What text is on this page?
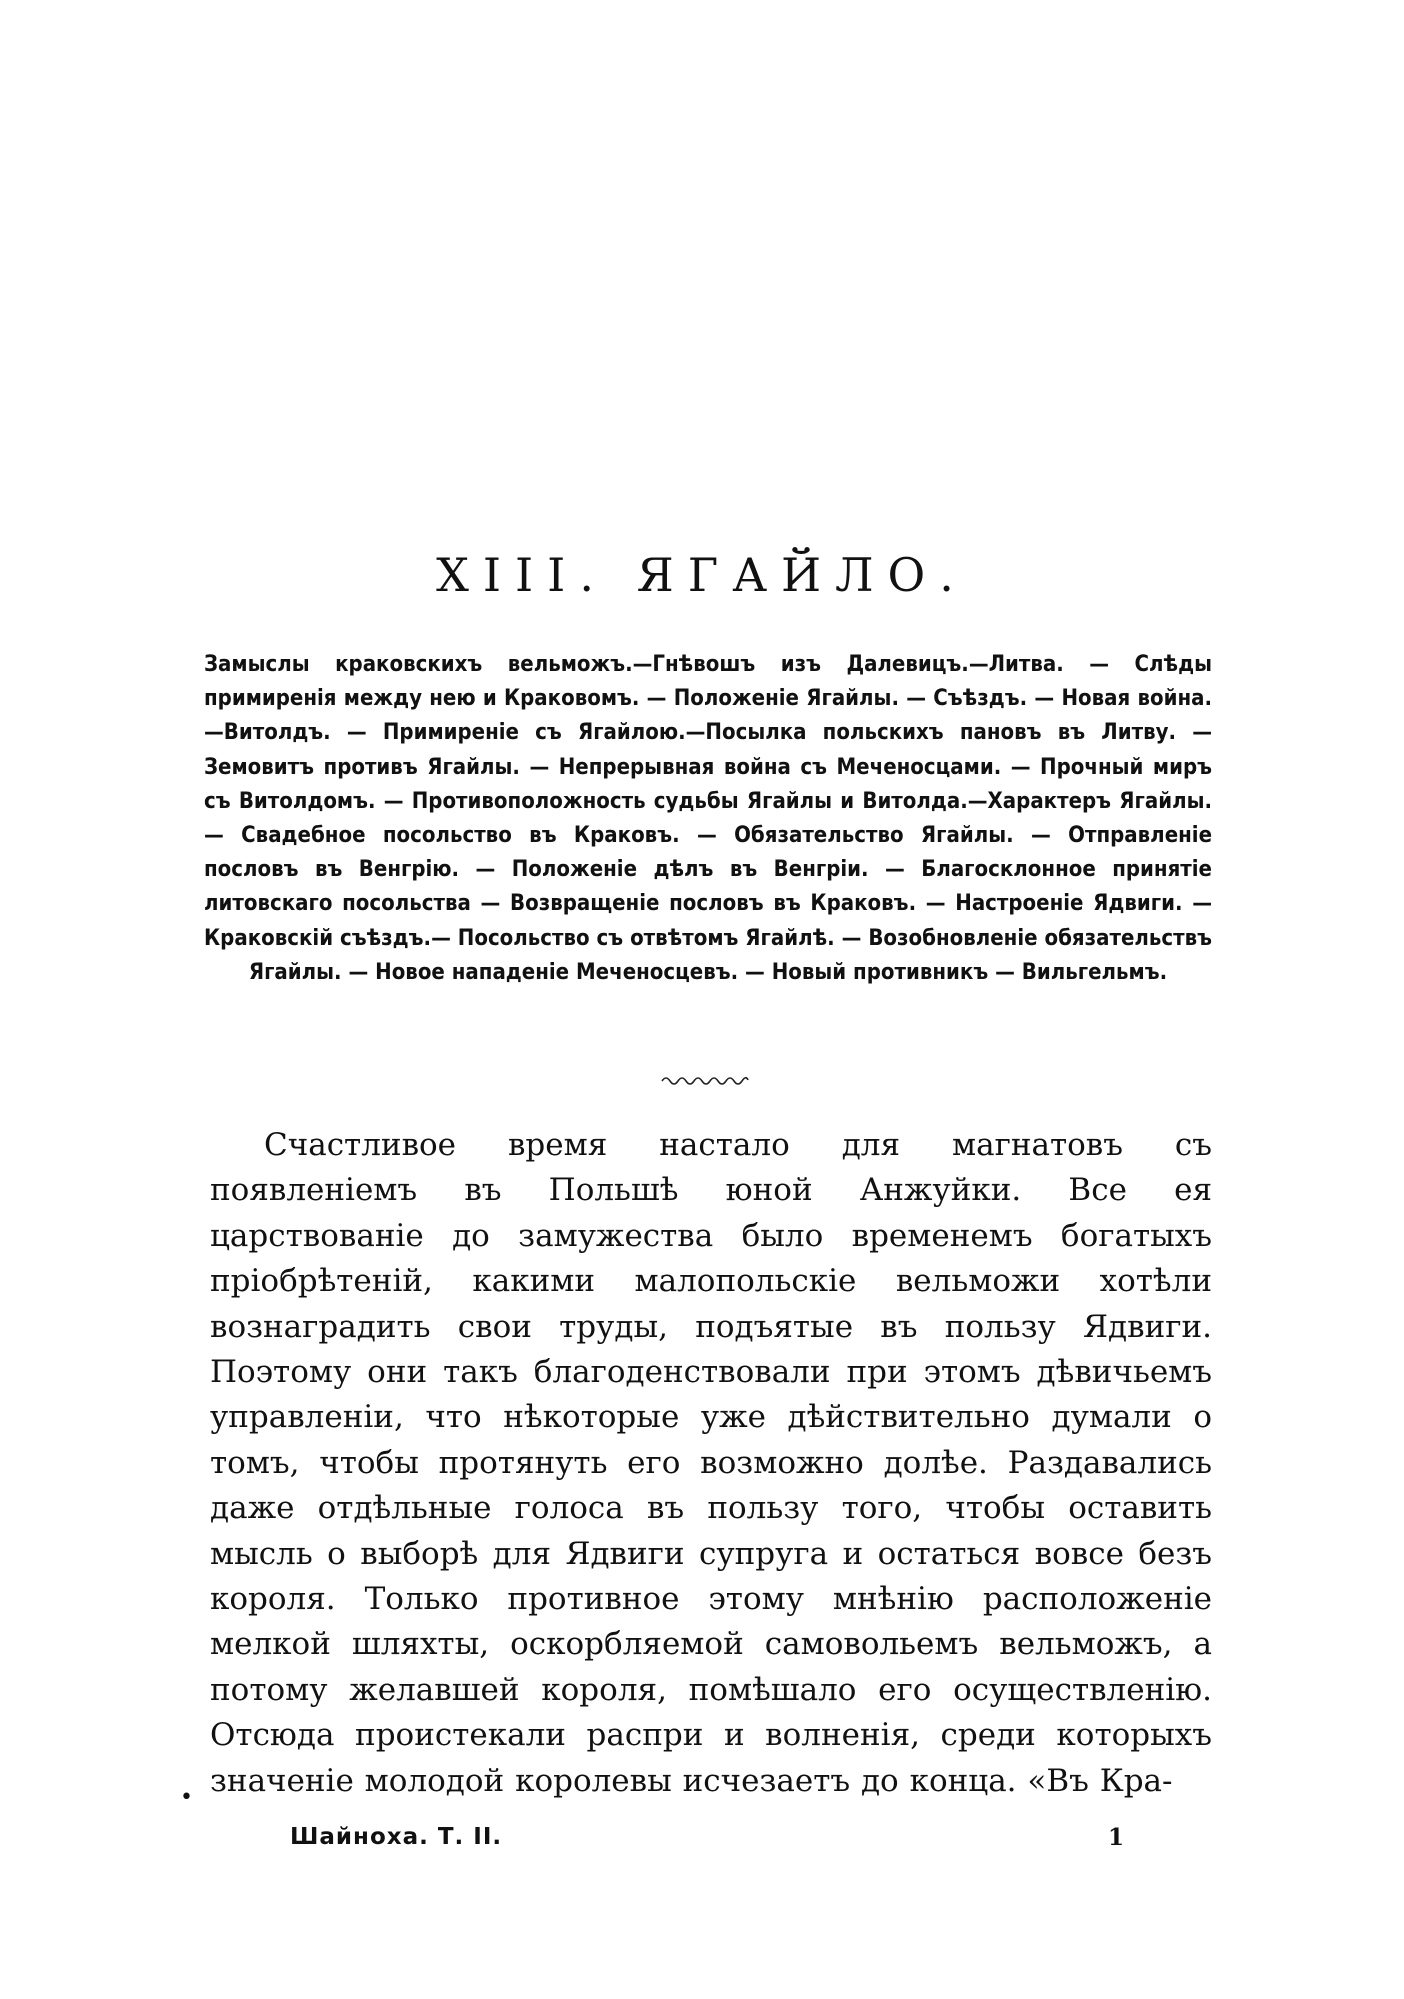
XIII. ЯГАЙЛО.
Замыслы краковскихъ вельможъ.—Гнѣвошъ изъ Далевицъ.—Литва. — Слѣды примиренія между нею и Краковомъ. — Положеніе Ягайлы. — Съѣздъ. — Новая война.—Витолдъ. — Примиреніе съ Ягайлою.—Посылка польскихъ пановъ въ Литву. — Земовитъ противъ Ягайлы. — Непрерывная война съ Меченосцами. — Прочный миръ съ Витолдомъ. — Противоположность судьбы Ягайлы и Витолда.—Характеръ Ягайлы. — Свадебное посольство въ Краковъ. — Обязательство Ягайлы. — Отправленіе пословъ въ Венгрію. — Положеніе дѣлъ въ Венгріи. — Благосклонное принятіе литовскаго посольства — Возвращеніе пословъ въ Краковъ. — Настроеніе Ядвиги. — Краковскій съѣздъ.— Посольство съ отвѣтомъ Ягайлѣ. — Возобновленіе обязательствъ Ягайлы. — Новое нападеніе Меченосцевъ. — Новый противникъ — Вильгельмъ.
Счастливое время настало для магнатовъ съ появленіемъ въ Польшѣ юной Анжуйки. Все ея царствованіе до замужества было временемъ богатыхъ пріобрѣтеній, какими малопольскіе вельможи хотѣли вознаградить свои труды, подъятые въ пользу Ядвиги. Поэтому они такъ благоденствовали при этомъ дѣвичьемъ управленіи, что нѣкоторые уже дѣйствительно думали о томъ, чтобы протянуть его возможно долѣе. Раздавались даже отдѣльные голоса въ пользу того, чтобы оставить мысль о выборѣ для Ядвиги супруга и остаться вовсе безъ короля. Только противное этому мнѣнію расположеніе мелкой шляхты, оскорбляемой самовольемъ вельможъ, а потому желавшей короля, помѣшало его осуществленію. Отсюда проистекали распри и волненія, среди которыхъ значеніе молодой королевы исчезаетъ до конца. «Въ Кра-
•
Шайноха. Т. II.	1
